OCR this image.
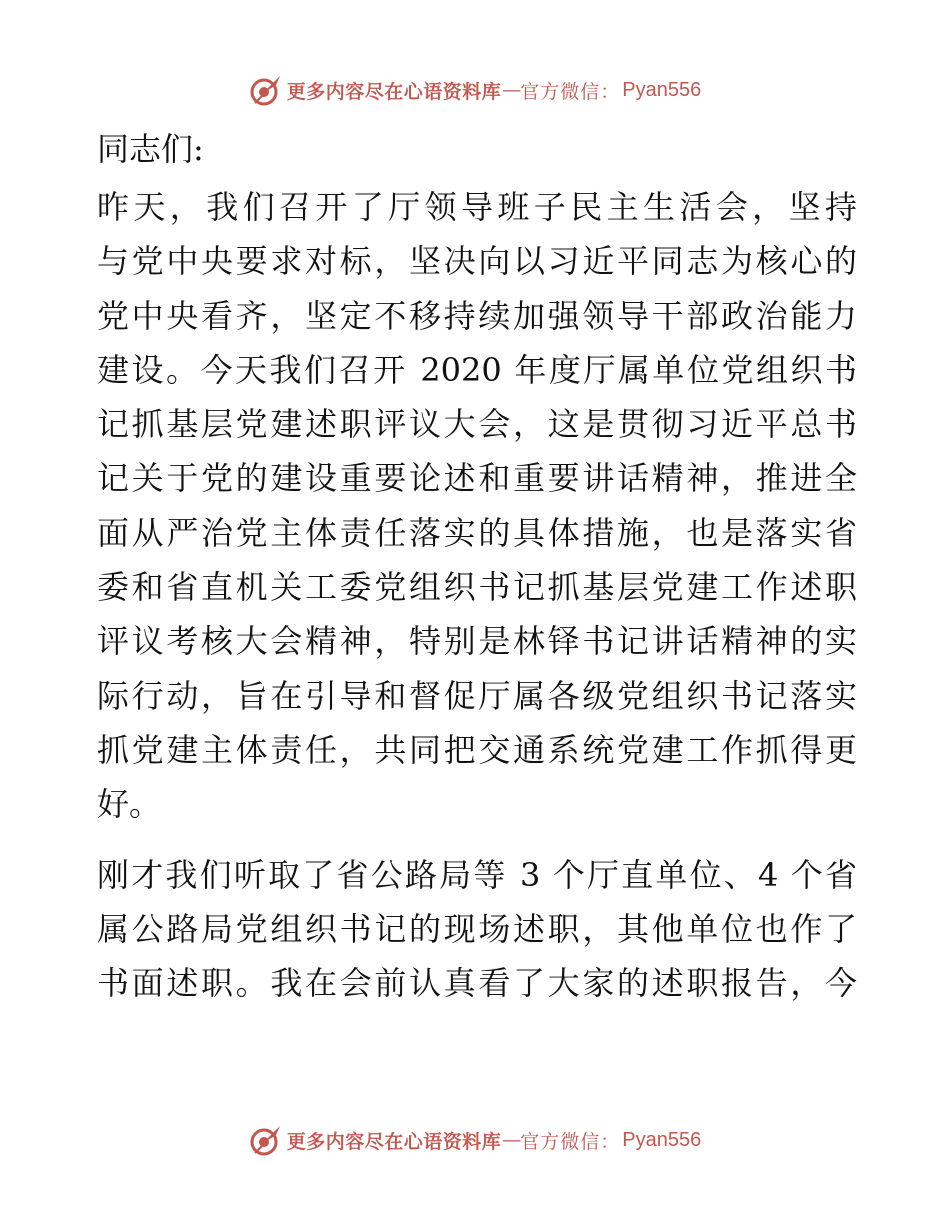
更多内容尽在心语资料库 — 官方微信： Pyan556
同志们:
昨天，我们召开了厅领导班子民主生活会，坚持
与党中央要求对标，坚决向以习近平同志为核心的
党中央看齐，坚定不移持续加强领导干部政治能力
建设。今天我们召开 2020 年度厅属单位党组织书
记抓基层党建述职评议大会，这是贯彻习近平总书
记关于党的建设重要论述和重要讲话精神，推进全
面从严治党主体责任落实的具体措施，也是落实省
委和省直机关工委党组织书记抓基层党建工作述职
评议考核大会精神，特别是林铎书记讲话精神的实
际行动，旨在引导和督促厅属各级党组织书记落实
抓党建主体责任，共同把交通系统党建工作抓得更
好。
刚才我们听取了省公路局等 3 个厅直单位、4 个省
属公路局党组织书记的现场述职，其他单位也作了
书面述职。我在会前认真看了大家的述职报告，今
更多内容尽在心语资料库 — 官方微信： Pyan556
